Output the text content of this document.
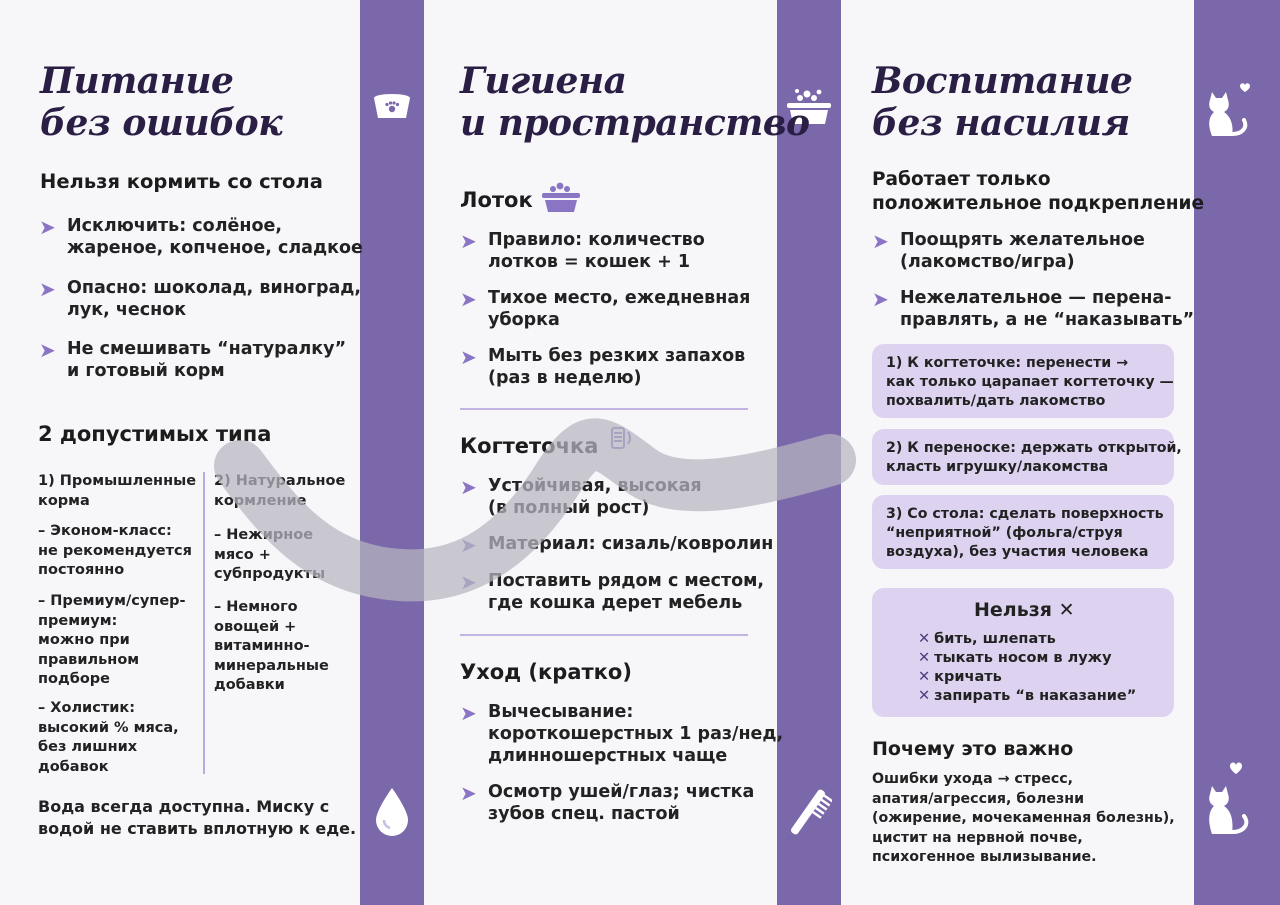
Питание
без ошибок
Нельзя кормить со стола
➤ Исключить: солёное,
жареное, копченое, сладкое
➤ Опасно: шоколад, виноград,
лук, чеснок
➤ Не смешивать “натуралку”
и готовый корм
2 допустимых типа
1) Промышленные
корма
– Эконом-класс:
не рекомендуется
постоянно
– Премиум/супер-
премиум:
можно при
правильном
подборе
– Холистик:
высокий % мяса,
без лишних
добавок
2) Натуральное
кормление
– Нежирное
мясо +
субпродукты
– Немного
овощей +
витаминно-
минеральные
добавки
Вода всегда доступна. Миску с
водой не ставить вплотную к еде.
Гигиена
и пространство
Лоток
➤ Правило: количество
лотков = кошек + 1
➤ Тихое место, ежедневная
уборка
➤ Мыть без резких запахов
(раз в неделю)
Когтеточка
➤ Устойчивая, высокая
(в полный рост)
➤ Материал: сизаль/ковролин
➤ Поставить рядом с местом,
где кошка дерет мебель
Уход (кратко)
➤ Вычесывание:
короткошерстных 1 раз/нед,
длинношерстных чаще
➤ Осмотр ушей/глаз; чистка
зубов спец. пастой
Воспитание
без насилия
Работает только
положительное подкрепление
➤ Поощрять желательное
(лакомство/игра)
➤ Нежелательное — перена-
правлять, а не “наказывать”
1) К когтеточке: перенести →
как только царапает когтеточку —
похвалить/дать лакомство
2) К переноске: держать открытой,
класть игрушку/лакомства
3) Со стола: сделать поверхность
“неприятной” (фольга/струя
воздуха), без участия человека
Нельзя ✕
✕ бить, шлепать
✕ тыкать носом в лужу
✕ кричать
✕ запирать “в наказание”
Почему это важно
Ошибки ухода → стресс,
апатия/агрессия, болезни
(ожирение, мочекаменная болезнь),
цистит на нервной почве,
психогенное вылизывание.
